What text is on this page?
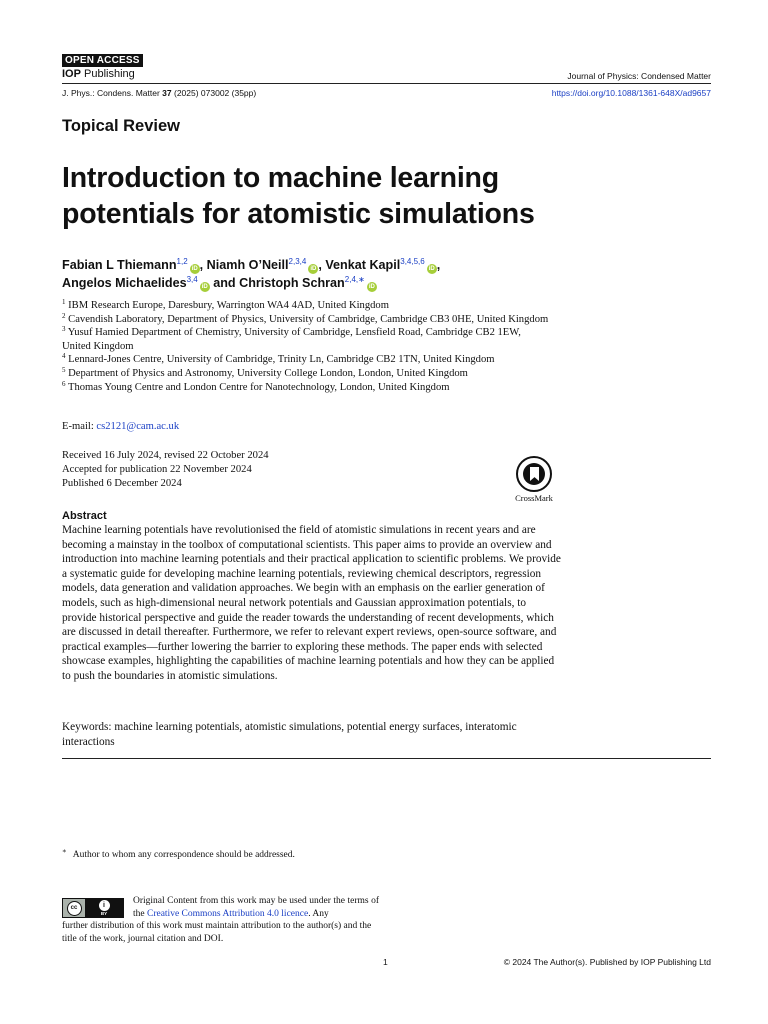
OPEN ACCESS
IOP Publishing	Journal of Physics: Condensed Matter
J. Phys.: Condens. Matter 37 (2025) 073002 (35pp)	https://doi.org/10.1088/1361-648X/ad9657
Topical Review
Introduction to machine learning
potentials for atomistic simulations
Fabian L Thiemann$^{1,2}$iD , Niamh O’Neill$^{2,3,4}$iD , Venkat Kapil$^{3,4,5,6}$iD ,
Angelos Michaelides$^{3,4}$iD and Christoph Schran$^{2,4,∗}$iD
$^1$ IBM Research Europe, Daresbury, Warrington WA4 4AD, United Kingdom
$^2$ Cavendish Laboratory, Department of Physics, University of Cambridge, Cambridge CB3 0HE, United Kingdom
$^3$ Yusuf Hamied Department of Chemistry, University of Cambridge, Lensfield Road, Cambridge CB2 1EW, United Kingdom
$^4$ Lennard-Jones Centre, University of Cambridge, Trinity Ln, Cambridge CB2 1TN, United Kingdom
$^5$ Department of Physics and Astronomy, University College London, London, United Kingdom
$^6$ Thomas Young Centre and London Centre for Nanotechnology, London, United Kingdom
E-mail: cs2121@cam.ac.uk
Received 16 July 2024, revised 22 October 2024
Accepted for publication 22 November 2024
Published 6 December 2024
CrossMark
Abstract
Machine learning potentials have revolutionised the field of atomistic simulations in recent years and are becoming a mainstay in the toolbox of computational scientists. This paper aims to provide an overview and introduction into machine learning potentials and their practical application to scientific problems. We provide a systematic guide for developing machine learning potentials, reviewing chemical descriptors, regression models, data generation and validation approaches. We begin with an emphasis on the earlier generation of models, such as high-dimensional neural network potentials and Gaussian approximation potentials, to provide historical perspective and guide the reader towards the understanding of recent developments, which are discussed in detail thereafter. Furthermore, we refer to relevant expert reviews, open-source software, and practical examples—further lowering the barrier to exploring these methods. The paper ends with selected showcase examples, highlighting the capabilities of machine learning potentials and how they can be applied to push the boundaries in atomistic simulations.
Keywords: machine learning potentials, atomistic simulations, potential energy surfaces, interatomic interactions
∗ Author to whom any correspondence should be addressed.
cc	i
BY
Original Content from this work may be used under the terms of the Creative Commons Attribution 4.0 licence. Any
further distribution of this work must maintain attribution to the author(s) and the title of the work, journal citation and DOI.
1	© 2024 The Author(s). Published by IOP Publishing Ltd
